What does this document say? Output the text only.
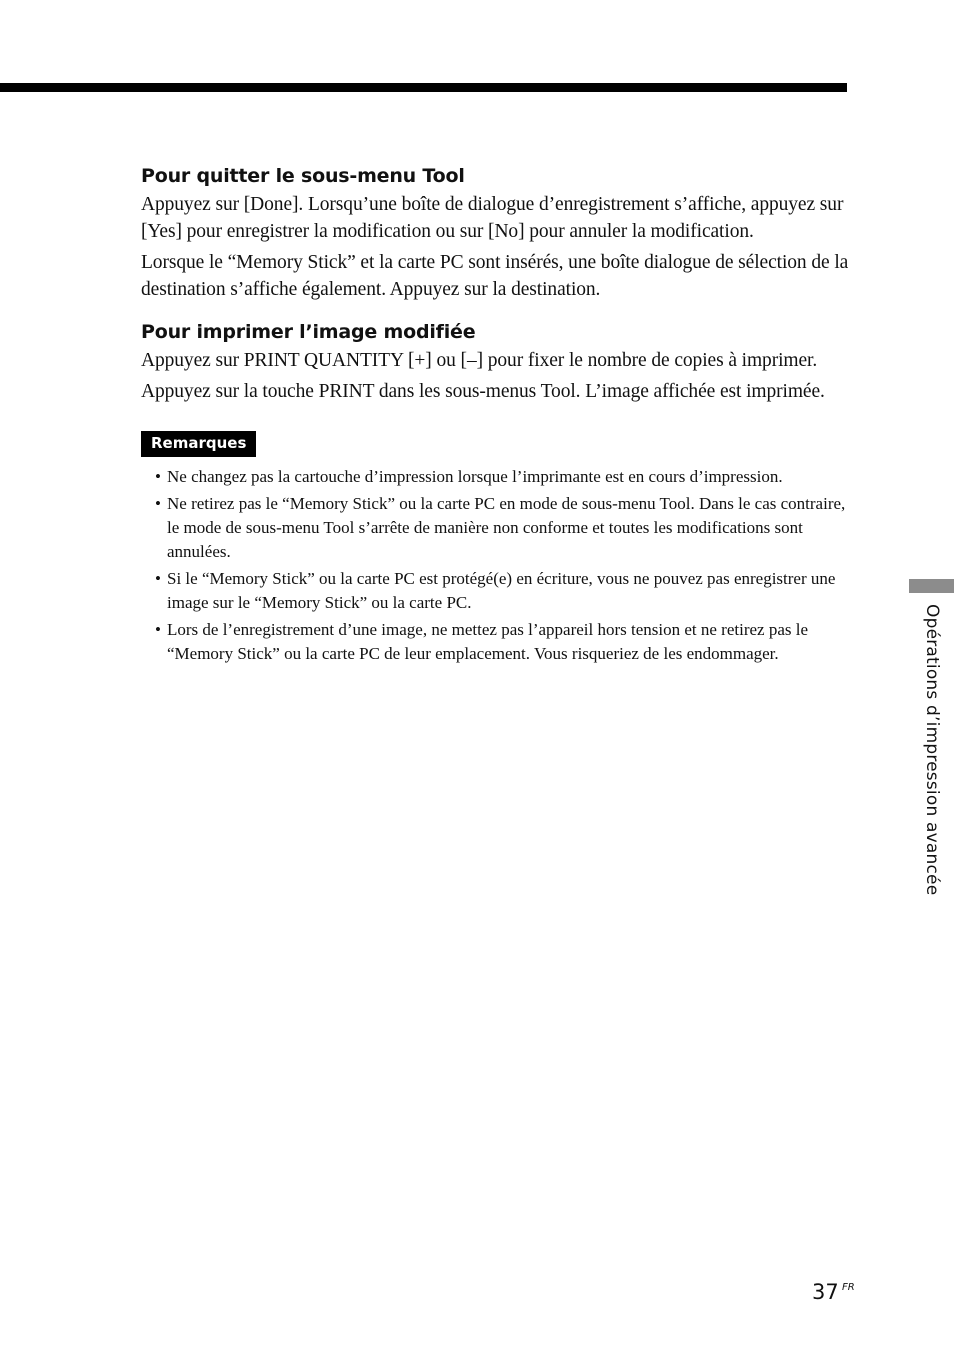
Pour quitter le sous-menu Tool

Appuyez sur [Done]. Lorsqu’une boîte de dialogue d’enregistrement s’affiche, appuyez sur [Yes] pour enregistrer la modification ou sur [No] pour annuler la modification.

Lorsque le “Memory Stick” et la carte PC sont insérés, une boîte dialogue de sélection de la destination s’affiche également. Appuyez sur la destination.

Pour imprimer l’image modifiée

Appuyez sur PRINT QUANTITY [+] ou [–] pour fixer le nombre de copies à imprimer.

Appuyez sur la touche PRINT dans les sous-menus Tool. L’image affichée est imprimée.

Remarques
• Ne changez pas la cartouche d’impression lorsque l’imprimante est en cours d’impression.
• Ne retirez pas le “Memory Stick” ou la carte PC en mode de sous-menu Tool. Dans le cas contraire, le mode de sous-menu Tool s’arrête de manière non conforme et toutes les modifications sont annulées.
• Si le “Memory Stick” ou la carte PC est protégé(e) en écriture, vous ne pouvez pas enregistrer une image sur le “Memory Stick” ou la carte PC.
• Lors de l’enregistrement d’une image, ne mettez pas l’appareil hors tension et ne retirez pas le “Memory Stick” ou la carte PC de leur emplacement. Vous risqueriez de les endommager.	Opérations d’impression avancée
37 FR
